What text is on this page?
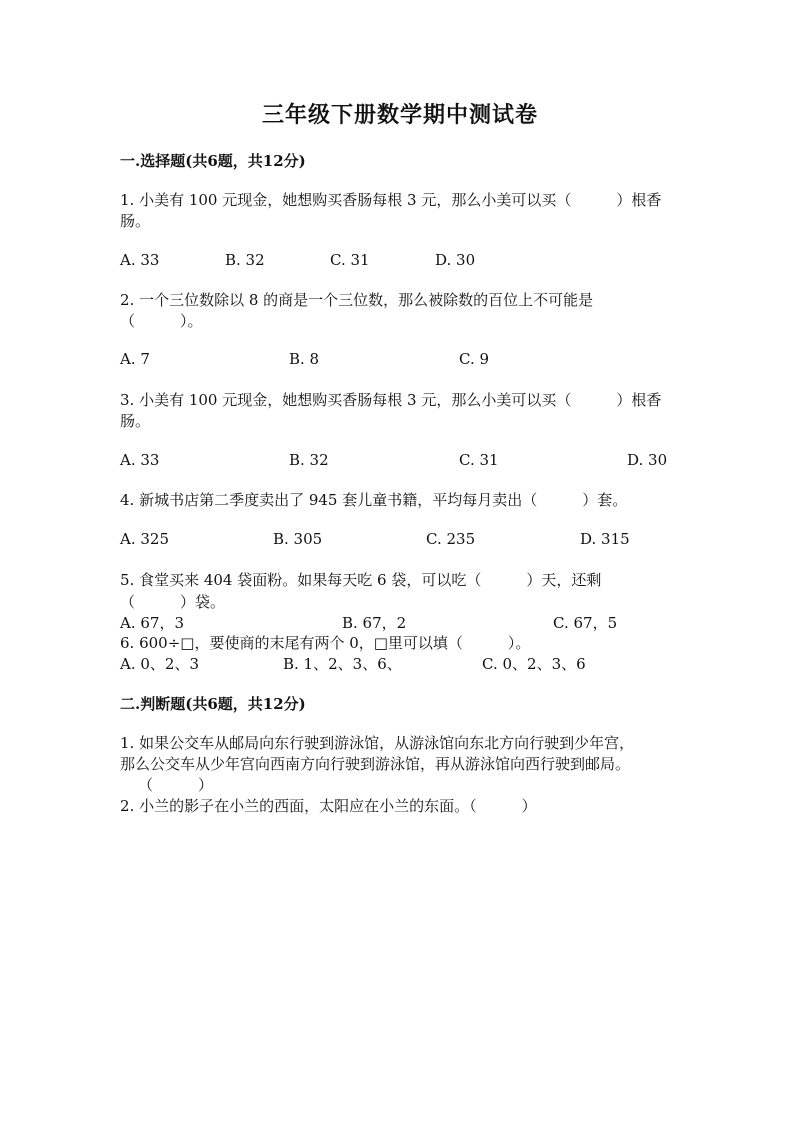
三年级下册数学期中测试卷
一.选择题(共6题，共12分)
1. 小美有 100 元现金，她想购买香肠每根 3 元，那么小美可以买（　　　）根香
肠。
A. 33	B. 32	C. 31	D. 30
2. 一个三位数除以 8 的商是一个三位数，那么被除数的百位上不可能是
（　　　）。
A. 7	B. 8	C. 9
3. 小美有 100 元现金，她想购买香肠每根 3 元，那么小美可以买（　　　）根香
肠。
A. 33	B. 32	C. 31	D. 30
4. 新城书店第二季度卖出了 945 套儿童书籍，平均每月卖出（　　　）套。
A. 325	B. 305	C. 235	D. 315
5. 食堂买来 404 袋面粉。如果每天吃 6 袋，可以吃（　　　）天，还剩
（　　　）袋。
A. 67，3	B. 67，2	C. 67，5
6. 600÷□，要使商的末尾有两个 0，□里可以填（　　　）。
A. 0、2、3	B. 1、2、3、6、	C. 0、2、3、6
二.判断题(共6题，共12分)
1. 如果公交车从邮局向东行驶到游泳馆，从游泳馆向东北方向行驶到少年宫，
那么公交车从少年宫向西南方向行驶到游泳馆，再从游泳馆向西行驶到邮局。
（　　　）
2. 小兰的影子在小兰的西面，太阳应在小兰的东面。（　　　）
